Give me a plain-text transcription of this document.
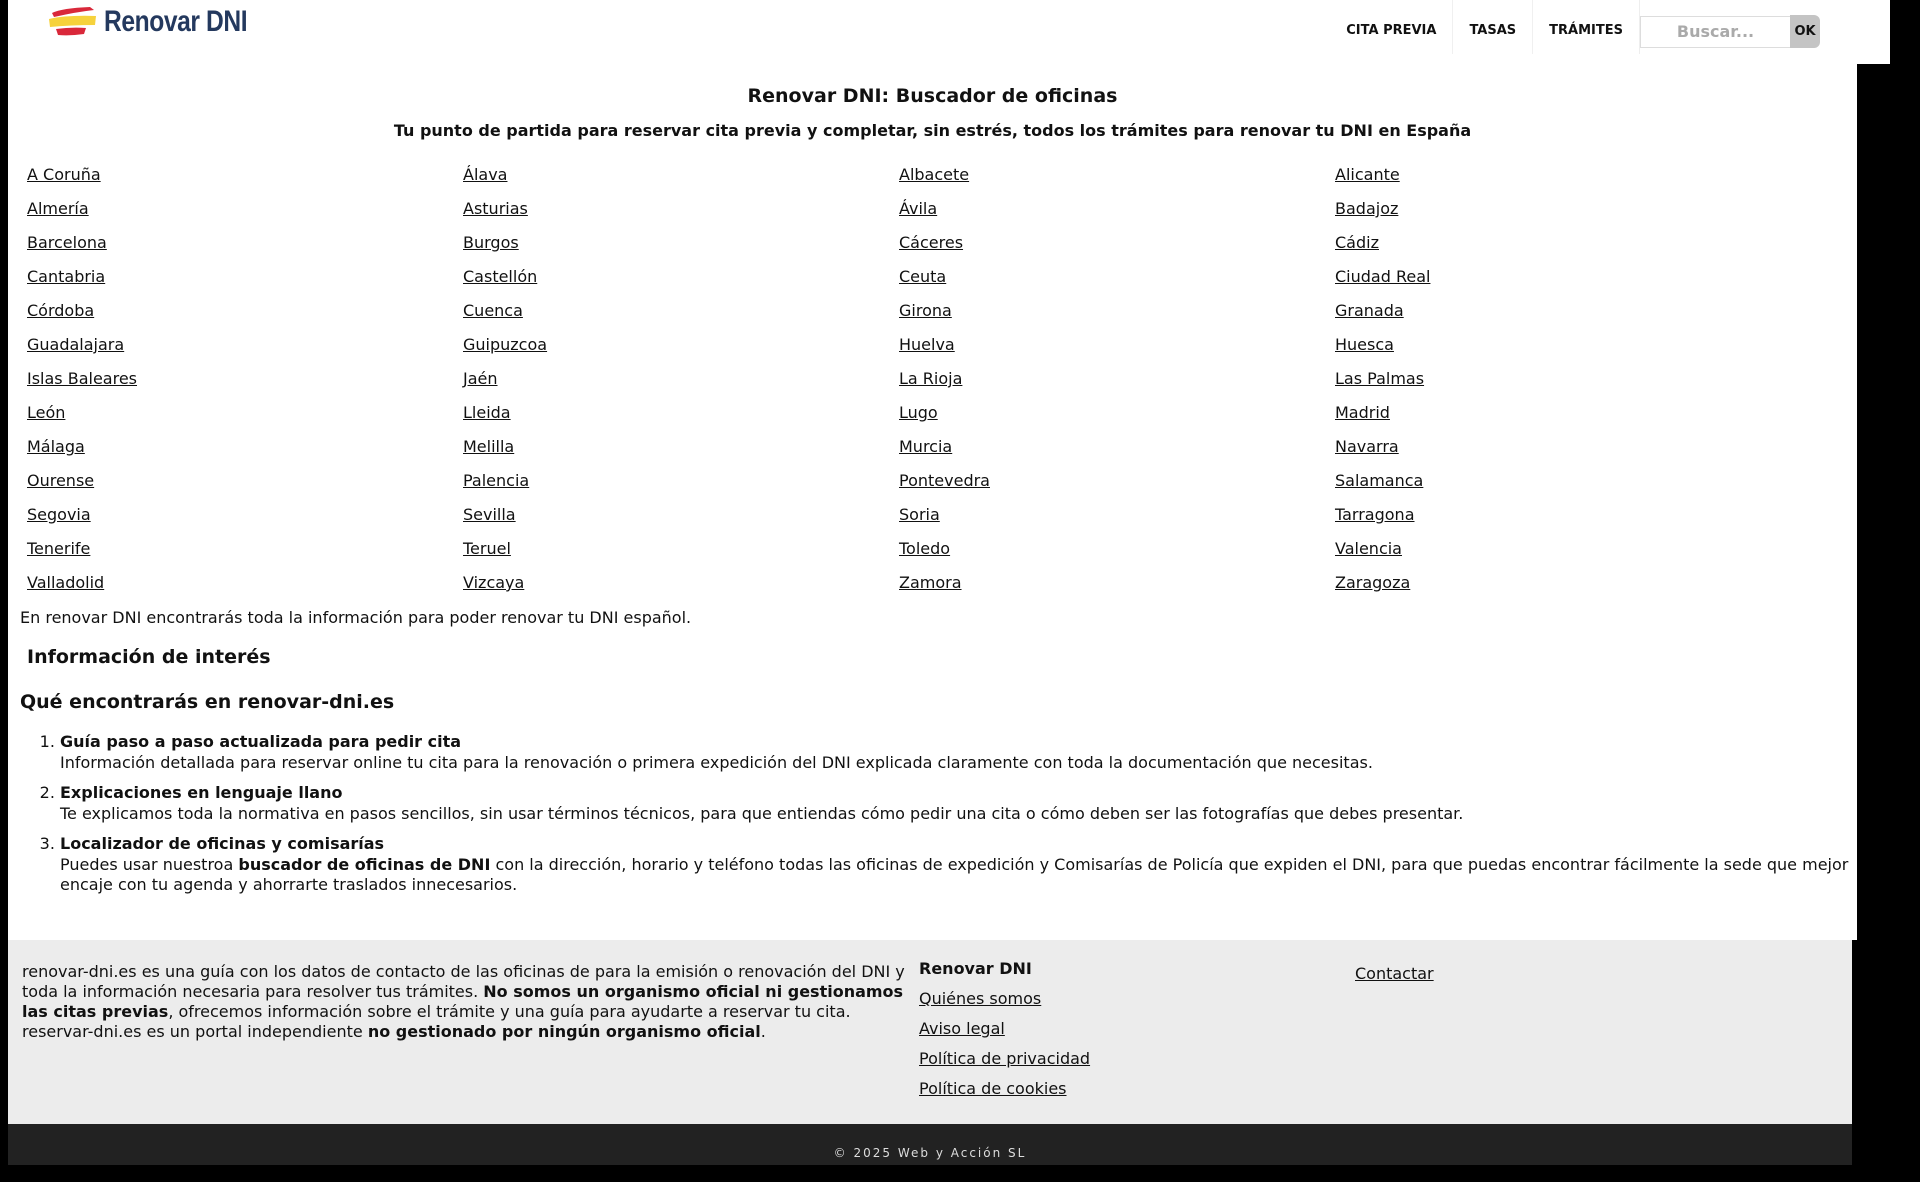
Renovar DNI	CITA PREVIA	TASAS	TRÁMITES
Buscar...	OK
Renovar DNI: Buscador de oficinas

Tu punto de partida para reservar cita previa y completar, sin estrés, todos los trámites para renovar tu DNI en España

A Coruña	Álava	Albacete	Alicante
Almería	Asturias	Ávila	Badajoz
Barcelona	Burgos	Cáceres	Cádiz
Cantabria	Castellón	Ceuta	Ciudad Real
Córdoba	Cuenca	Girona	Granada
Guadalajara	Guipuzcoa	Huelva	Huesca
Islas Baleares	Jaén	La Rioja	Las Palmas
León	Lleida	Lugo	Madrid
Málaga	Melilla	Murcia	Navarra
Ourense	Palencia	Pontevedra	Salamanca
Segovia	Sevilla	Soria	Tarragona
Tenerife	Teruel	Toledo	Valencia
Valladolid	Vizcaya	Zamora	Zaragoza

En renovar DNI encontrarás toda la información para poder renovar tu DNI español.

Información de interés
Qué encontrarás en renovar-dni.es
1. Guía paso a paso actualizada para pedir cita
Información detallada para reservar online tu cita para la renovación o primera expedición del DNI explicada claramente con toda la documentación que necesitas.
2. Explicaciones en lenguaje llano
Te explicamos toda la normativa en pasos sencillos, sin usar términos técnicos, para que entiendas cómo pedir una cita o cómo deben ser las fotografías que debes presentar.
3. Localizador de oficinas y comisarías
Puedes usar nuestroa buscador de oficinas de DNI con la dirección, horario y teléfono todas las oficinas de expedición y Comisarías de Policía que expiden el DNI, para que puedas encontrar fácilmente la sede que mejor encaje con tu agenda y ahorrarte traslados innecesarios.
renovar-dni.es es una guía con los datos de contacto de las oficinas de para la emisión o renovación del DNI y toda la información necesaria para resolver tus trámites. No somos un organismo oficial ni gestionamos las citas previas, ofrecemos información sobre el trámite y una guía para ayudarte a reservar tu cita. reservar-dni.es es un portal independiente no gestionado por ningún organismo oficial.
Renovar DNI
Quiénes somos
Aviso legal
Política de privacidad
Política de cookies
Contactar
© 2025 Web y Acción SL
